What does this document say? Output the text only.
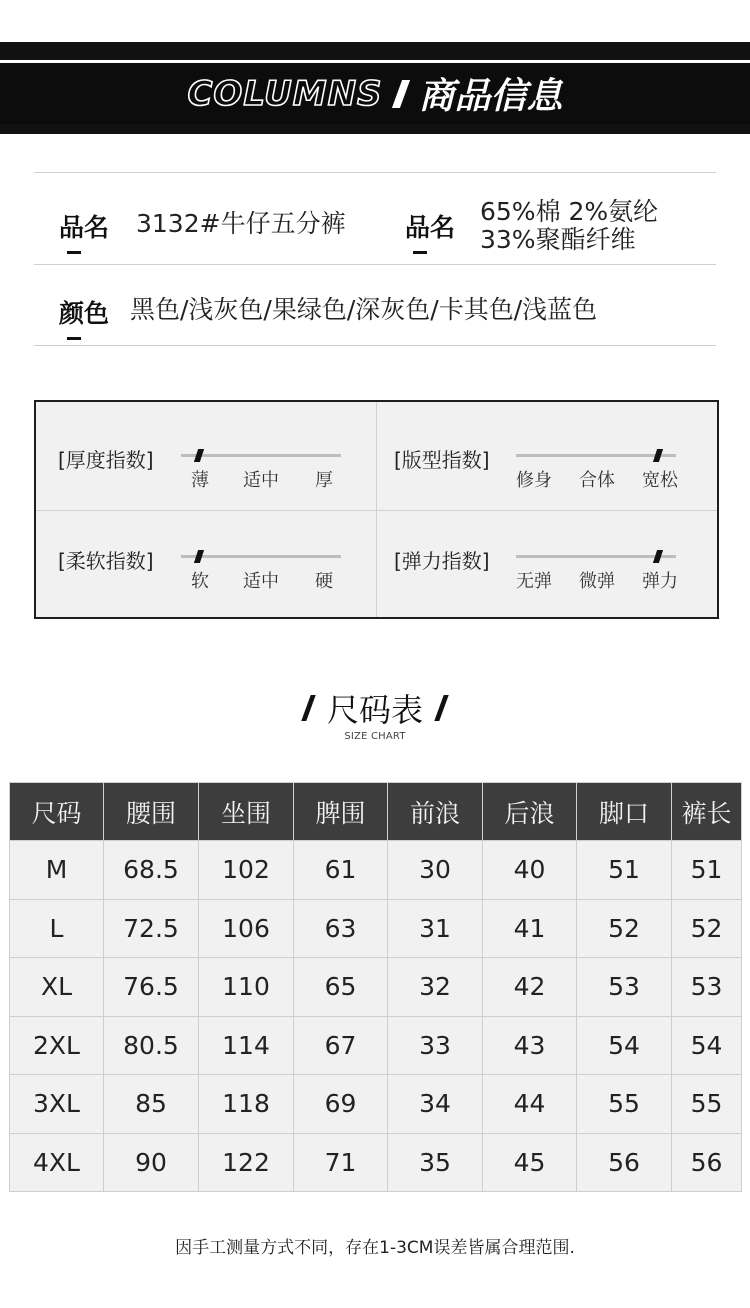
COLUMNS 商品信息
品名 3132#牛仔五分裤 品名
65%棉 2%氨纶
33%聚酯纤维
颜色 黑色/浅灰色/果绿色/深灰色/卡其色/浅蓝色
[厚度指数]
薄 适中 厚
[版型指数]
修身 合体 宽松
[柔软指数]
软 适中 硬
[弹力指数]
无弹 微弹 弹力
尺码表
SIZE CHART
尺码	腰围	坐围	脾围	前浪	后浪	脚口	裤长
M	68.5	102	61	30	40	51	51
L	72.5	106	63	31	41	52	52
XL	76.5	110	65	32	42	53	53
2XL	80.5	114	67	33	43	54	54
3XL	85	118	69	34	44	55	55
4XL	90	122	71	35	45	56	56
因手工测量方式不同，存在1-3CM误差皆属合理范围.
